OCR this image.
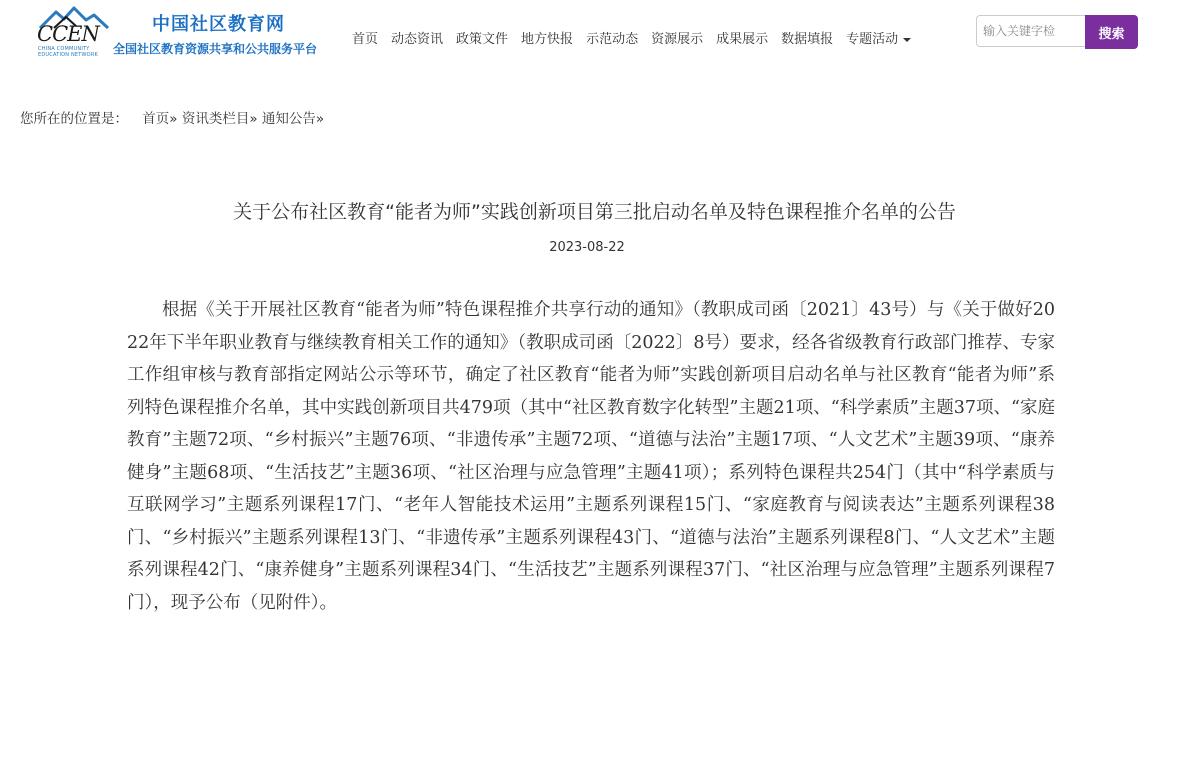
CCEN
CHINA COMMUNITY EDUCATION NETWORK
中国社区教育网
全国社区教育资源共享和公共服务平台
首页 动态资讯 政策文件 地方快报 示范动态 资源展示 成果展示 数据填报 专题活动
输入关键字检	搜索
您所在的位置是： 首页» 资讯类栏目» 通知公告»
关于公布社区教育“能者为师”实践创新项目第三批启动名单及特色课程推介名单的公告
2023-08-22

根据《关于开展社区教育“能者为师”特色课程推介共享行动的通知》（教职成司函〔2021〕43号）与《关于做好2022年下半年职业教育与继续教育相关工作的通知》（教职成司函〔2022〕8号）要求，经各省级教育行政部门推荐、专家工作组审核与教育部指定网站公示等环节，确定了社区教育“能者为师”实践创新项目启动名单与社区教育“能者为师”系列特色课程推介名单，其中实践创新项目共479项（其中“社区教育数字化转型”主题21项、“科学素质”主题37项、“家庭教育”主题72项、“乡村振兴”主题76项、“非遗传承”主题72项、“道德与法治”主题17项、“人文艺术”主题39项、“康养健身”主题68项、“生活技艺”主题36项、“社区治理与应急管理”主题41项）；系列特色课程共254门（其中“科学素质与互联网学习”主题系列课程17门、“老年人智能技术运用”主题系列课程15门、“家庭教育与阅读表达”主题系列课程38门、“乡村振兴”主题系列课程13门、“非遗传承”主题系列课程43门、“道德与法治”主题系列课程8门、“人文艺术”主题系列课程42门、“康养健身”主题系列课程34门、“生活技艺”主题系列课程37门、“社区治理与应急管理”主题系列课程7门），现予公布（见附件）。
